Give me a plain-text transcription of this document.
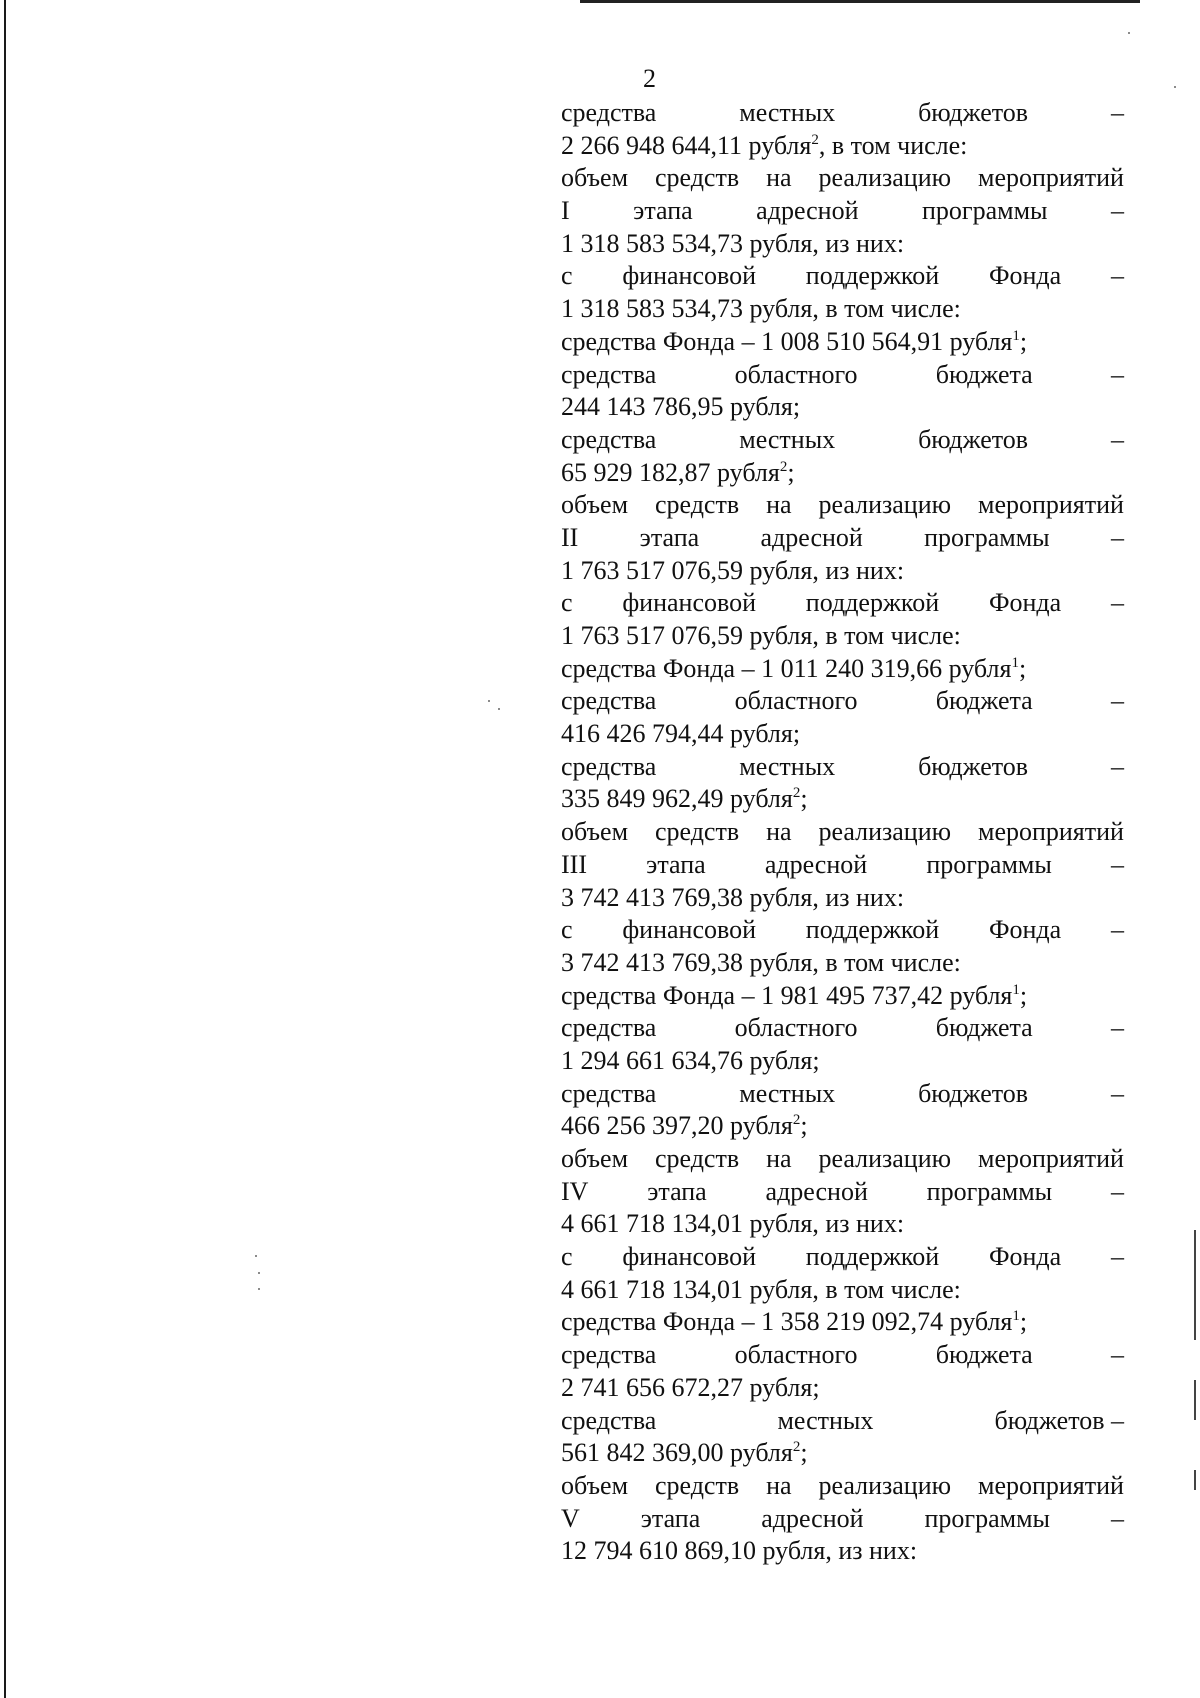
2
средства	местных	бюджетов	–
2 266 948 644,11 рубля$^2$, в том числе:
объем средств на реализацию мероприятий
I этапа адресной программы –
1 318 583 534,73 рубля, из них:
с финансовой поддержкой Фонда –
1 318 583 534,73 рубля, в том числе:
средства Фонда – 1 008 510 564,91 рубля$^1$;
средства	областного	бюджета	–
244 143 786,95 рубля;
средства	местных	бюджетов	–
65 929 182,87 рубля$^2$;
объем средств на реализацию мероприятий
II этапа адресной программы –
1 763 517 076,59 рубля, из них:
с финансовой поддержкой Фонда –
1 763 517 076,59 рубля, в том числе:
средства Фонда – 1 011 240 319,66 рубля$^1$;
средства	областного	бюджета	–
416 426 794,44 рубля;
средства	местных	бюджетов	–
335 849 962,49 рубля$^2$;
объем средств на реализацию мероприятий
III этапа адресной программы –
3 742 413 769,38 рубля, из них:
с финансовой поддержкой Фонда –
3 742 413 769,38 рубля, в том числе:
средства Фонда – 1 981 495 737,42 рубля$^1$;
средства	областного	бюджета	–
1 294 661 634,76 рубля;
средства	местных	бюджетов	–
466 256 397,20 рубля$^2$;
объем средств на реализацию мероприятий
IV этапа адресной программы –
4 661 718 134,01 рубля, из них:
с финансовой поддержкой Фонда –
4 661 718 134,01 рубля, в том числе:
средства Фонда – 1 358 219 092,74 рубля$^1$;
средства	областного	бюджета	–
2 741 656 672,27 рубля;
средства	местных	бюджетов –
561 842 369,00 рубля$^2$;
объем средств на реализацию мероприятий
V этапа адресной программы –
12 794 610 869,10 рубля, из них:
